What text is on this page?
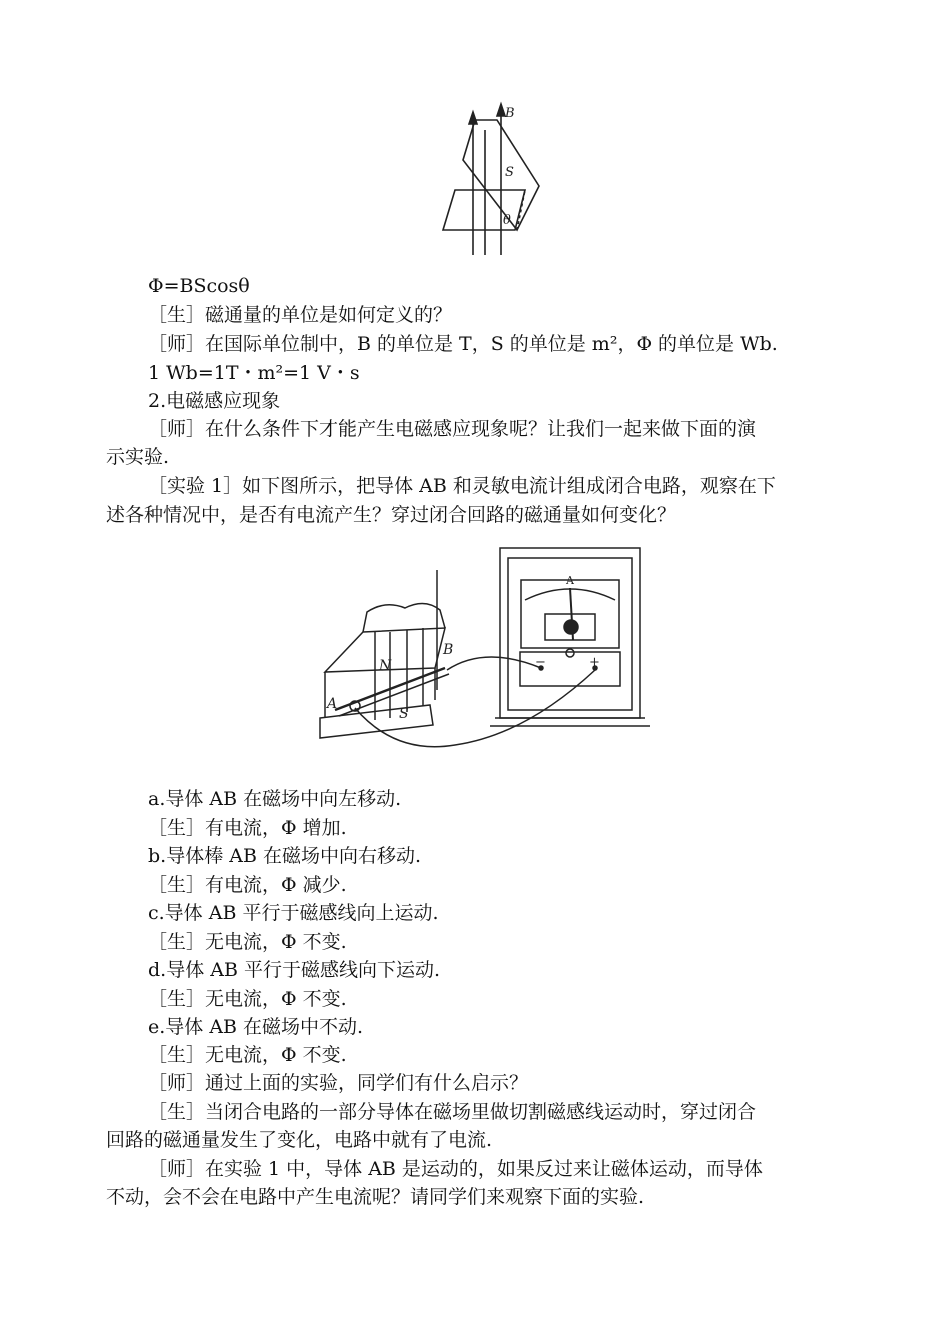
B
S
θ
Φ=BScosθ
［生］磁通量的单位是如何定义的？
［师］在国际单位制中，B 的单位是 T，S 的单位是 m²，Φ 的单位是 Wb.
1 Wb=1T・m²=1 V・s
2.电磁感应现象
［师］在什么条件下才能产生电磁感应现象呢？让我们一起来做下面的演
示实验.
［实验 1］如下图所示，把导体 AB 和灵敏电流计组成闭合电路，观察在下
述各种情况中，是否有电流产生？穿过闭合回路的磁通量如何变化？
N
S
A
B
A
−	+
a.导体 AB 在磁场中向左移动.
［生］有电流，Φ 增加.
b.导体棒 AB 在磁场中向右移动.
［生］有电流，Φ 减少.
c.导体 AB 平行于磁感线向上运动.
［生］无电流，Φ 不变.
d.导体 AB 平行于磁感线向下运动.
［生］无电流，Φ 不变.
e.导体 AB 在磁场中不动.
［生］无电流，Φ 不变.
［师］通过上面的实验，同学们有什么启示？
［生］当闭合电路的一部分导体在磁场里做切割磁感线运动时，穿过闭合
回路的磁通量发生了变化，电路中就有了电流.
［师］在实验 1 中，导体 AB 是运动的，如果反过来让磁体运动，而导体
不动，会不会在电路中产生电流呢？请同学们来观察下面的实验.
